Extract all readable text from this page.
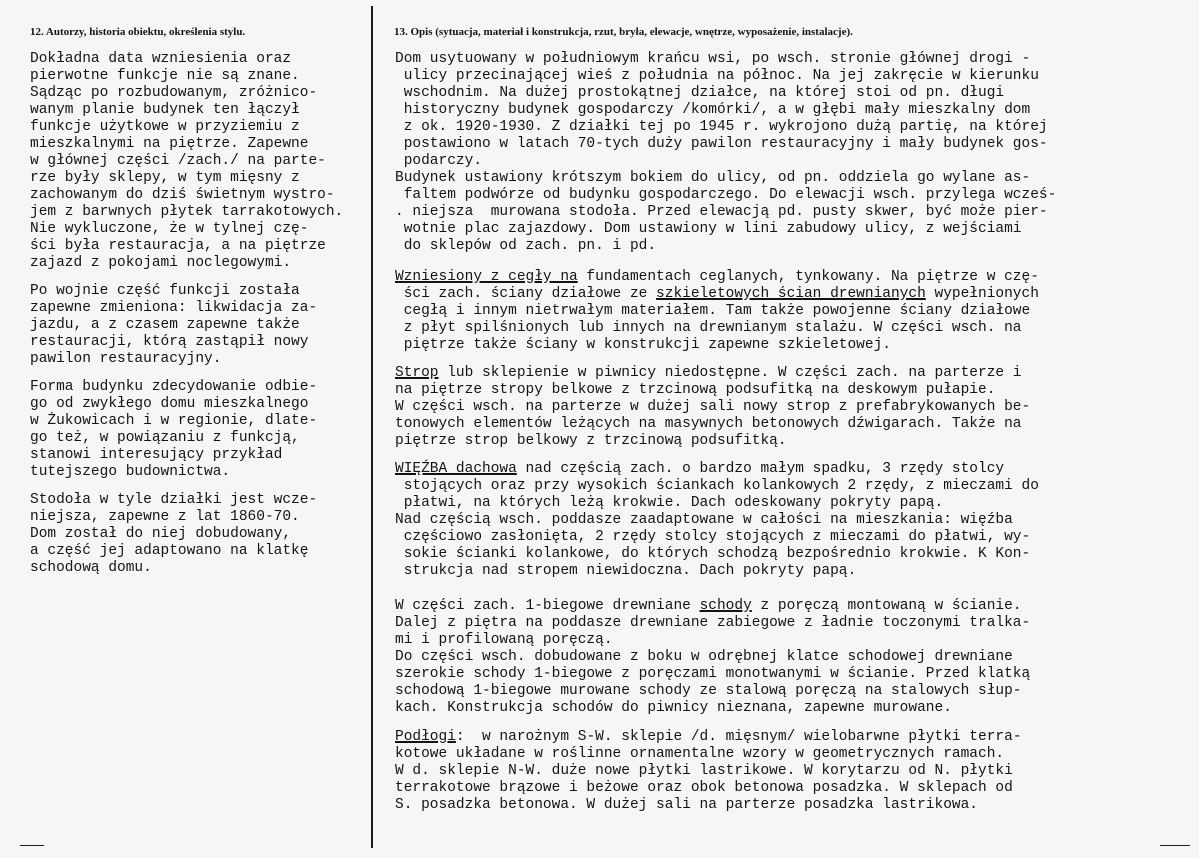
12. Autorzy, historia obiektu, określenia stylu.	13. Opis (sytuacja, materiał i konstrukcja, rzut, bryła, elewacje, wnętrze, wyposażenie, instalacje).
Dokładna data wzniesienia oraz
pierwotne funkcje nie są znane.
Sądząc po rozbudowanym, zróżnico-
wanym planie budynek ten łączył
funkcje użytkowe w przyziemiu z
mieszkalnymi na piętrze. Zapewne
w głównej części /zach./ na parte-
rze były sklepy, w tym mięsny z
zachowanym do dziś świetnym wystro-
jem z barwnych płytek tarrakotowych.
Nie wykluczone, że w tylnej czę-
ści była restauracja, a na piętrze
zajazd z pokojami noclegowymi.
Po wojnie część funkcji została
zapewne zmieniona: likwidacja za-
jazdu, a z czasem zapewne także
restauracji, którą zastąpił nowy
pawilon restauracyjny.
Forma budynku zdecydowanie odbie-
go od zwykłego domu mieszkalnego
w Żukowicach i w regionie, dlate-
go też, w powiązaniu z funkcją,
stanowi interesujący przykład
tutejszego budownictwa.
Stodoła w tyle działki jest wcze-
niejsza, zapewne z lat 1860-70.
Dom został do niej dobudowany,
a część jej adaptowano na klatkę
schodową domu.
Dom usytuowany w południowym krańcu wsi, po wsch. stronie głównej drogi -
ulicy przecinającej wieś z południa na północ. Na jej zakręcie w kierunku
wschodnim. Na dużej prostokątnej działce, na której stoi od pn. długi
historyczny budynek gospodarczy /komórki/, a w głębi mały mieszkalny dom
z ok. 1920-1930. Z działki tej po 1945 r. wykrojono dużą partię, na której
postawiono w latach 70-tych duży pawilon restauracyjny i mały budynek gos-
podarczy.
Budynek ustawiony krótszym bokiem do ulicy, od pn. oddziela go wylane as-
faltem podwórze od budynku gospodarczego. Do elewacji wsch. przylega wcześ-
. niejsza  murowana stodoła. Przed elewacją pd. pusty skwer, być może pier-
wotnie plac zajazdowy. Dom ustawiony w lini zabudowy ulicy, z wejściami
do sklepów od zach. pn. i pd.
Wzniesiony z cegły na fundamentach ceglanych, tynkowany. Na piętrze w czę-
ści zach. ściany działowe ze szkieletowych ścian drewnianych wypełnionych
cegłą i innym nietrwałym materiałem. Tam także powojenne ściany działowe
z płyt spilśnionych lub innych na drewnianym stalażu. W części wsch. na
piętrze także ściany w konstrukcji zapewne szkieletowej.
Strop lub sklepienie w piwnicy niedostępne. W części zach. na parterze i
na piętrze stropy belkowe z trzcinową podsufitką na deskowym pułapie.
W części wsch. na parterze w dużej sali nowy strop z prefabrykowanych be-
tonowych elementów leżących na masywnych betonowych dźwigarach. Także na
piętrze strop belkowy z trzcinową podsufitką.
WIĘŹBA dachowa nad częścią zach. o bardzo małym spadku, 3 rzędy stolcy
stojących oraz przy wysokich ściankach kolankowych 2 rzędy, z mieczami do
płatwi, na których leżą krokwie. Dach odeskowany pokryty papą.
Nad częścią wsch. poddasze zaadaptowane w całości na mieszkania: więźba
częściowo zasłonięta, 2 rzędy stolcy stojących z mieczami do płatwi, wy-
sokie ścianki kolankowe, do których schodzą bezpośrednio krokwie. K Kon-
strukcja nad stropem niewidoczna. Dach pokryty papą.
W części zach. 1-biegowe drewniane schody z poręczą montowaną w ścianie.
Dalej z piętra na poddasze drewniane zabiegowe z ładnie toczonymi tralka-
mi i profilowaną poręczą.
Do części wsch. dobudowane z boku w odrębnej klatce schodowej drewniane
szerokie schody 1-biegowe z poręczami monotwanymi w ścianie. Przed klatką
schodową 1-biegowe murowane schody ze stalową poręczą na stalowych słup-
kach. Konstrukcja schodów do piwnicy nieznana, zapewne murowane.
Podłogi:  w narożnym S-W. sklepie /d. mięsnym/ wielobarwne płytki terra-
kotowe układane w roślinne ornamentalne wzory w geometrycznych ramach.
W d. sklepie N-W. duże nowe płytki lastrikowe. W korytarzu od N. płytki
terrakotowe brązowe i beżowe oraz obok betonowa posadzka. W sklepach od
S. posadzka betonowa. W dużej sali na parterze posadzka lastrikowa.
